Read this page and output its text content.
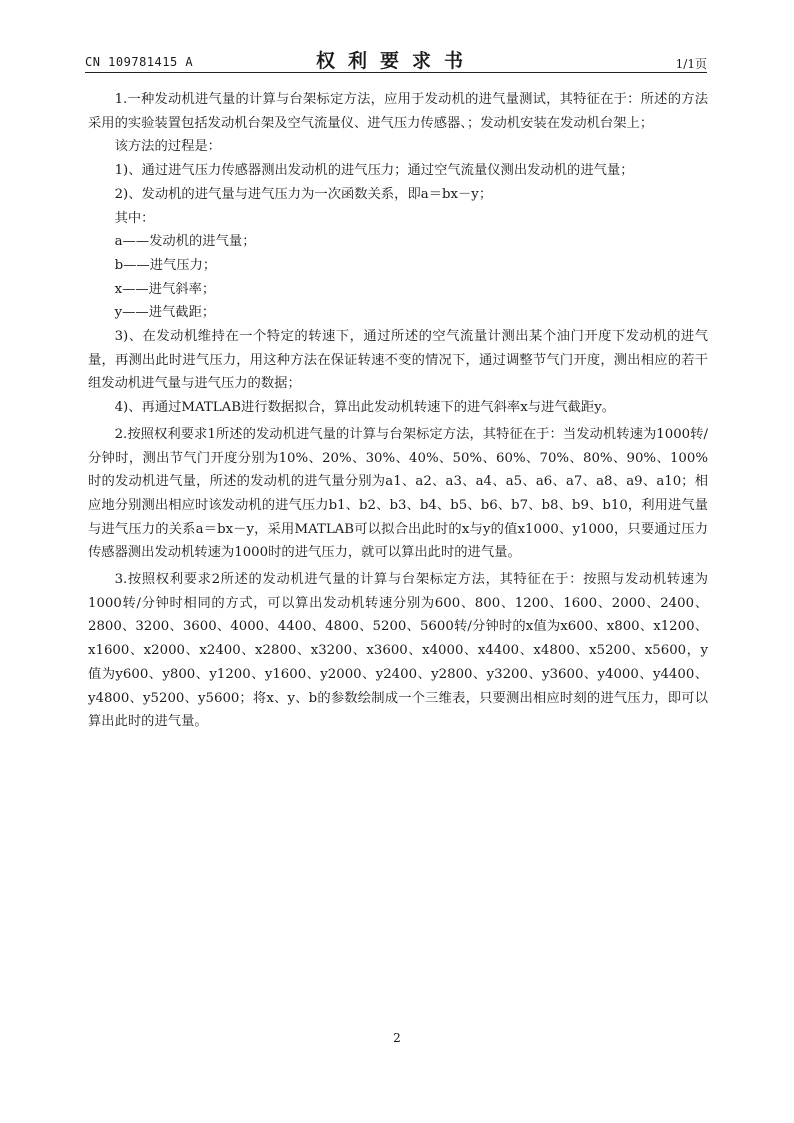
CN 109781415 A	权利要求书	1/1页

1.一种发动机进气量的计算与台架标定方法，应用于发动机的进气量测试，其特征在于：所述的方法采用的实验装置包括发动机台架及空气流量仪、进气压力传感器、；发动机安装在发动机台架上；

该方法的过程是：

1)、通过进气压力传感器测出发动机的进气压力；通过空气流量仪测出发动机的进气量；

2)、发动机的进气量与进气压力为一次函数关系，即a＝bx－y；

其中：

a——发动机的进气量；

b——进气压力；

x——进气斜率；

y——进气截距；

3)、在发动机维持在一个特定的转速下，通过所述的空气流量计测出某个油门开度下发动机的进气量，再测出此时进气压力，用这种方法在保证转速不变的情况下，通过调整节气门开度，测出相应的若干组发动机进气量与进气压力的数据；

4)、再通过MATLAB进行数据拟合，算出此发动机转速下的进气斜率x与进气截距y。

2.按照权利要求1所述的发动机进气量的计算与台架标定方法，其特征在于：当发动机转速为1000转/分钟时，测出节气门开度分别为10%、20%、30%、40%、50%、60%、70%、80%、90%、100%时的发动机进气量，所述的发动机的进气量分别为a1、a2、a3、a4、a5、a6、a7、a8、a9、a10；相应地分别测出相应时该发动机的进气压力b1、b2、b3、b4、b5、b6、b7、b8、b9、b10，利用进气量与进气压力的关系a＝bx－y，采用MATLAB可以拟合出此时的x与y的值x1000、y1000，只要通过压力传感器测出发动机转速为1000时的进气压力，就可以算出此时的进气量。

3.按照权利要求2所述的发动机进气量的计算与台架标定方法，其特征在于：按照与发动机转速为1000转/分钟时相同的方式，可以算出发动机转速分别为600、800、1200、1600、2000、2400、2800、3200、3600、4000、4400、4800、5200、5600转/分钟时的x值为x600、x800、x1200、x1600、x2000、x2400、x2800、x3200、x3600、x4000、x4400、x4800、x5200、x5600，y值为y600、y800、y1200、y1600、y2000、y2400、y2800、y3200、y3600、y4000、y4400、y4800、y5200、y5600；将x、y、b的参数绘制成一个三维表，只要测出相应时刻的进气压力，即可以算出此时的进气量。

2
